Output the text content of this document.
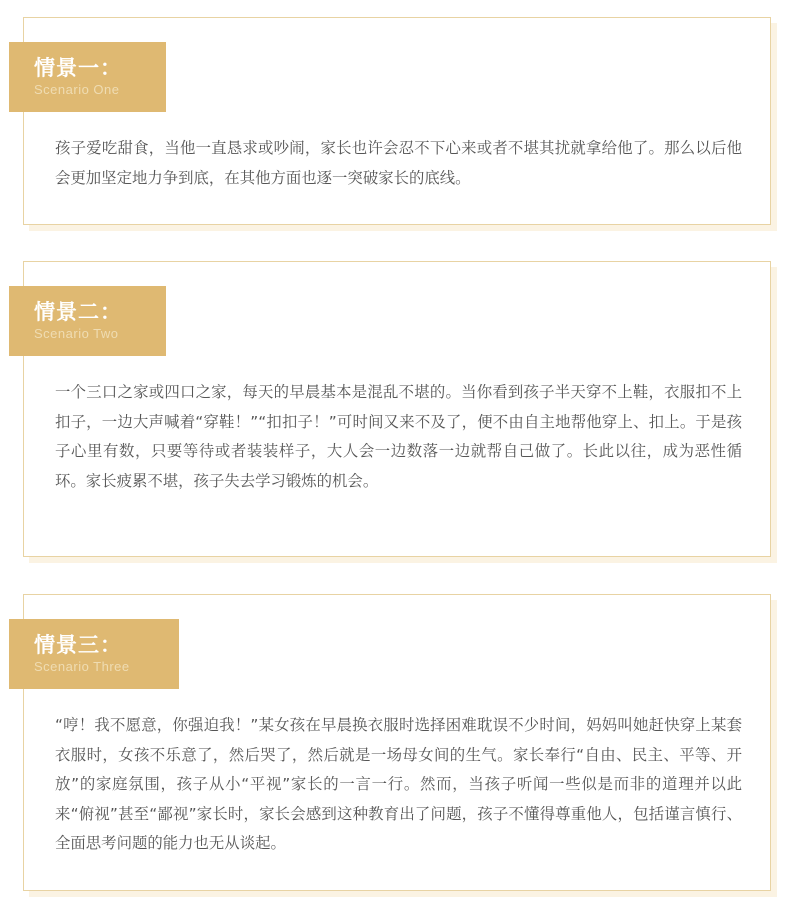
情景一：
Scenario One

孩子爱吃甜食，当他一直恳求或吵闹，家长也许会忍不下心来或者不堪其扰就拿给他了。那么以后他会更加坚定地力争到底，在其他方面也逐一突破家长的底线。

情景二：
Scenario Two

一个三口之家或四口之家，每天的早晨基本是混乱不堪的。当你看到孩子半天穿不上鞋，衣服扣不上扣子，一边大声喊着“穿鞋！”“扣扣子！”可时间又来不及了，便不由自主地帮他穿上、扣上。于是孩子心里有数，只要等待或者装装样子，大人会一边数落一边就帮自己做了。长此以往，成为恶性循环。家长疲累不堪，孩子失去学习锻炼的机会。

情景三：
Scenario Three

“哼！我不愿意，你强迫我！”某女孩在早晨换衣服时选择困难耽误不少时间，妈妈叫她赶快穿上某套衣服时，女孩不乐意了，然后哭了，然后就是一场母女间的生气。家长奉行“自由、民主、平等、开放”的家庭氛围，孩子从小“平视”家长的一言一行。然而，当孩子听闻一些似是而非的道理并以此来“俯视”甚至“鄙视”家长时，家长会感到这种教育出了问题，孩子不懂得尊重他人，包括谨言慎行、全面思考问题的能力也无从谈起。
